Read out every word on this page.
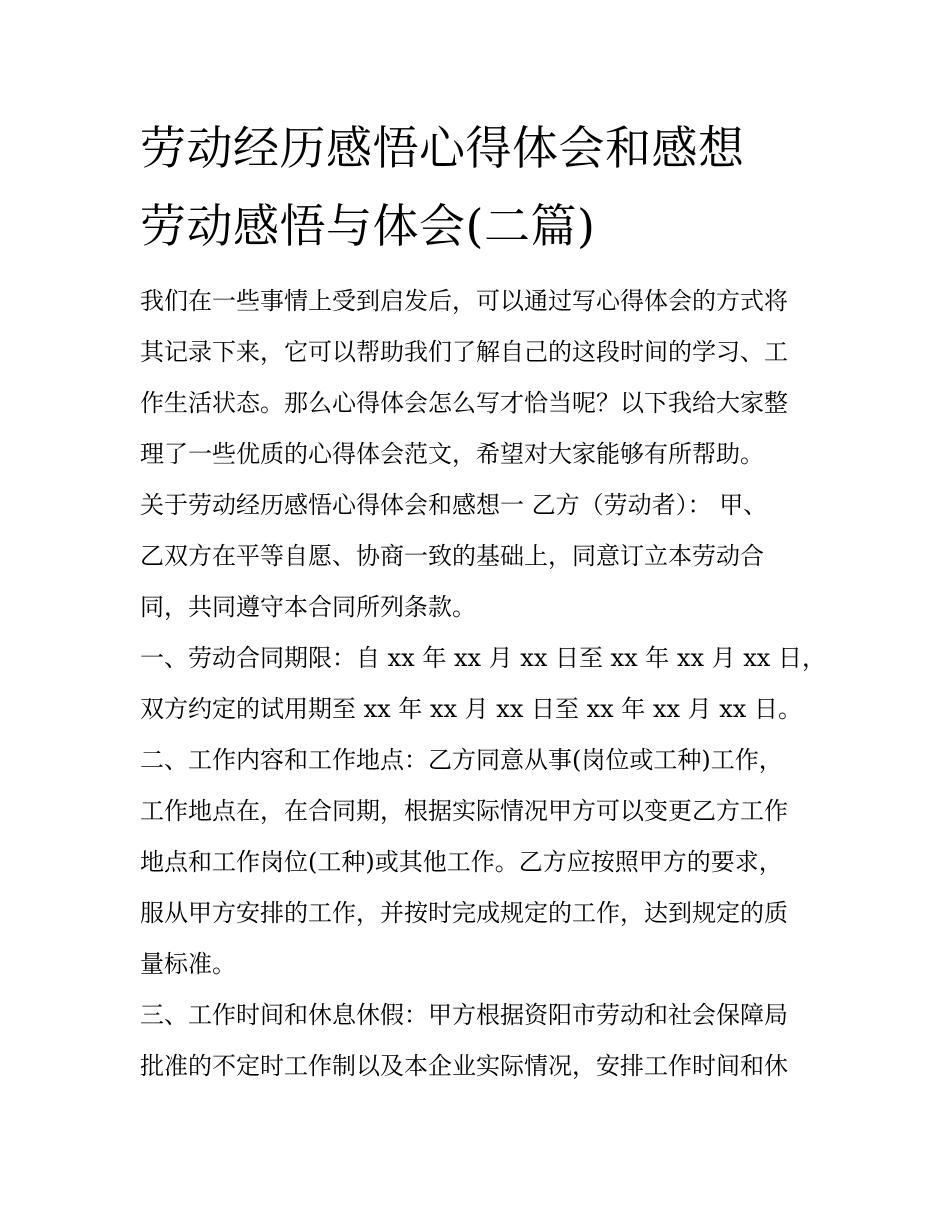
劳动经历感悟心得体会和感想
劳动感悟与体会(二篇)
我们在一些事情上受到启发后，可以通过写心得体会的方式将
其记录下来，它可以帮助我们了解自己的这段时间的学习、工
作生活状态。那么心得体会怎么写才恰当呢？以下我给大家整
理了一些优质的心得体会范文，希望对大家能够有所帮助。
关于劳动经历感悟心得体会和感想一 乙方（劳动者）： 甲、
乙双方在平等自愿、协商一致的基础上，同意订立本劳动合
同，共同遵守本合同所列条款。
一、劳动合同期限：自 xx 年 xx 月 xx 日至 xx 年 xx 月 xx 日，
双方约定的试用期至 xx 年 xx 月 xx 日至 xx 年 xx 月 xx 日。
二、工作内容和工作地点：乙方同意从事(岗位或工种)工作，
工作地点在，在合同期，根据实际情况甲方可以变更乙方工作
地点和工作岗位(工种)或其他工作。乙方应按照甲方的要求，
服从甲方安排的工作，并按时完成规定的工作，达到规定的质
量标准。
三、工作时间和休息休假：甲方根据资阳市劳动和社会保障局
批准的不定时工作制以及本企业实际情况，安排工作时间和休
